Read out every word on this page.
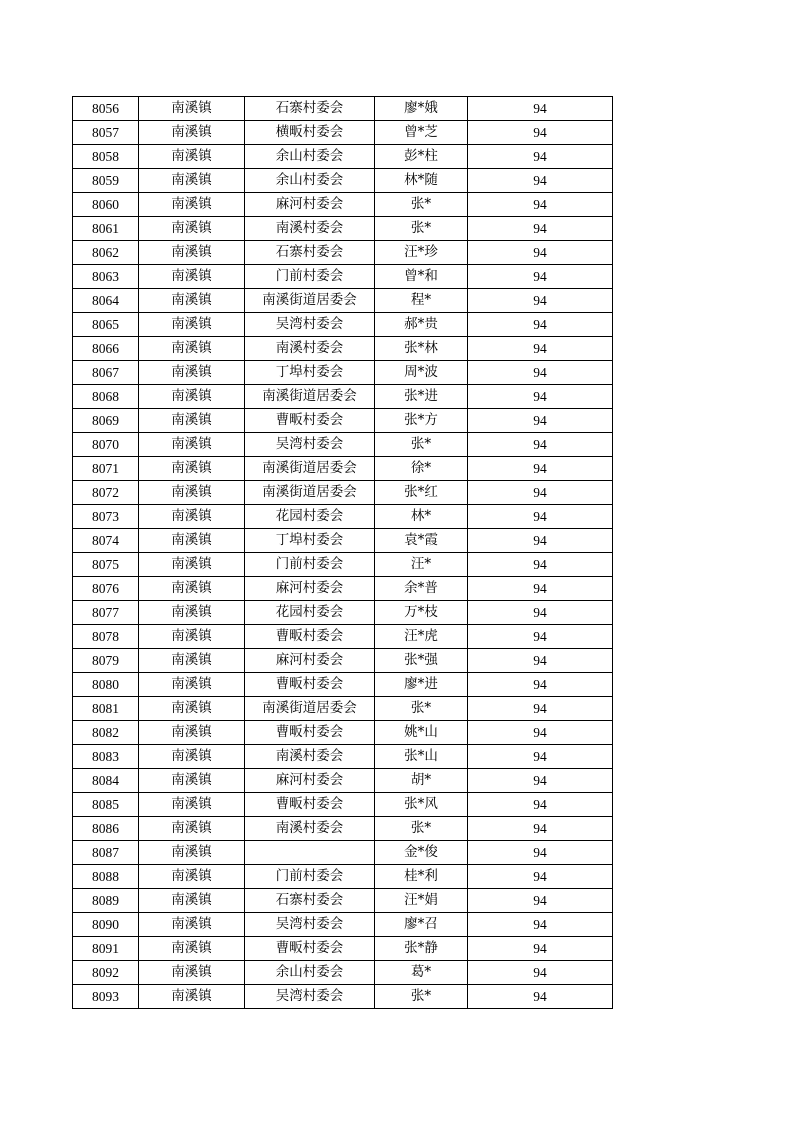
8056	南溪镇	石寨村委会	廖*娥	94
8057	南溪镇	横畈村委会	曾*芝	94
8058	南溪镇	余山村委会	彭*柱	94
8059	南溪镇	余山村委会	林*随	94
8060	南溪镇	麻河村委会	张*	94
8061	南溪镇	南溪村委会	张*	94
8062	南溪镇	石寨村委会	汪*珍	94
8063	南溪镇	门前村委会	曾*和	94
8064	南溪镇	南溪街道居委会	程*	94
8065	南溪镇	吴湾村委会	郝*贵	94
8066	南溪镇	南溪村委会	张*林	94
8067	南溪镇	丁埠村委会	周*波	94
8068	南溪镇	南溪街道居委会	张*进	94
8069	南溪镇	曹畈村委会	张*方	94
8070	南溪镇	吴湾村委会	张*	94
8071	南溪镇	南溪街道居委会	徐*	94
8072	南溪镇	南溪街道居委会	张*红	94
8073	南溪镇	花园村委会	林*	94
8074	南溪镇	丁埠村委会	袁*霞	94
8075	南溪镇	门前村委会	汪*	94
8076	南溪镇	麻河村委会	余*普	94
8077	南溪镇	花园村委会	万*枝	94
8078	南溪镇	曹畈村委会	汪*虎	94
8079	南溪镇	麻河村委会	张*强	94
8080	南溪镇	曹畈村委会	廖*进	94
8081	南溪镇	南溪街道居委会	张*	94
8082	南溪镇	曹畈村委会	姚*山	94
8083	南溪镇	南溪村委会	张*山	94
8084	南溪镇	麻河村委会	胡*	94
8085	南溪镇	曹畈村委会	张*风	94
8086	南溪镇	南溪村委会	张*	94
8087	南溪镇		金*俊	94
8088	南溪镇	门前村委会	桂*利	94
8089	南溪镇	石寨村委会	汪*娟	94
8090	南溪镇	吴湾村委会	廖*召	94
8091	南溪镇	曹畈村委会	张*静	94
8092	南溪镇	余山村委会	葛*	94
8093	南溪镇	吴湾村委会	张*	94
